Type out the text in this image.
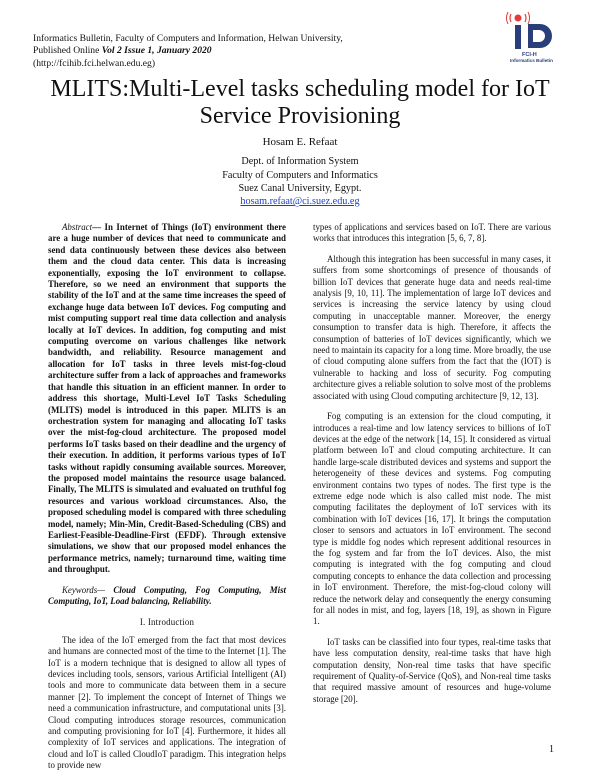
Informatics Bulletin, Faculty of Computers and Information, Helwan University,
Published Online Vol 2 Issue 1, January 2020
(http://fcihib.fci.helwan.edu.eg)
FCI-H
Informatics Bulletin
MLITS:Multi-Level tasks scheduling model for IoT Service Provisioning
Hosam E. Refaat
Dept. of Information System
Faculty of Computers and Informatics
Suez Canal University, Egypt.
hosam.refaat@ci.suez.edu.eg

Abstract— In Internet of Things (IoT) environment there are a huge number of devices that need to communicate and send data continuously between these devices also between them and the cloud data center. This data is increasing exponentially, exposing the IoT environment to collapse. Therefore, so we need an environment that supports the stability of the IoT and at the same time increases the speed of exchange huge data between IoT devices. Fog computing and mist computing support real time data collection and analysis locally at IoT devices. In addition, fog computing and mist computing overcome on various challenges like network bandwidth, and reliability. Resource management and allocation for IoT tasks in three levels mist-fog-cloud architecture suffer from a lack of approaches and frameworks that handle this situation in an efficient manner. In order to address this shortage, Multi-Level IoT Tasks Scheduling (MLITS) model is introduced in this paper. MLITS is an orchestration system for managing and allocating IoT tasks over the mist-fog-cloud architecture. The proposed model performs IoT tasks based on their deadline and the urgency of their execution. In addition, it performs various types of IoT tasks without rapidly consuming available sources. Moreover, the proposed model maintains the resource usage balanced. Finally, The MLITS is simulated and evaluated on truthful fog resources and various workload circumstances. Also, the proposed scheduling model is compared with three scheduling model, namely; Min-Min, Credit-Based-Scheduling (CBS) and Earliest-Feasible-Deadline-First (EFDF). Through extensive simulations, we show that our proposed model enhances the performance metrics, namely; turnaround time, waiting time and throughput.

Keywords— Cloud Computing, Fog Computing, Mist Computing, IoT, Load balancing, Reliability.

I. Introduction

The idea of the IoT emerged from the fact that most devices and humans are connected most of the time to the Internet [1]. The IoT is a modern technique that is designed to allow all types of devices including tools, sensors, various Artificial Intelligent (AI) tools and more to communicate data between them in a secure manner [2]. To implement the concept of Internet of Things we need a communication infrastructure, and computational units [3]. Cloud computing introduces storage resources, communication and computing provisioning for IoT [4]. Furthermore, it hides all complexity of IoT services and applications. The integration of cloud and IoT is called CloudIoT paradigm. This integration helps to provide new

types of applications and services based on IoT. There are various works that introduces this integration [5, 6, 7, 8].

Although this integration has been successful in many cases, it suffers from some shortcomings of presence of thousands of billion IoT devices that generate huge data and needs real-time analysis [9, 10, 11]. The implementation of large IoT devices and services is increasing the service latency by using cloud computing in unacceptable manner. Moreover, the energy consumption to transfer data is high. Therefore, it affects the consumption of batteries of IoT devices significantly, which we need to maintain its capacity for a long time. More broadly, the use of cloud computing alone suffers from the fact that the (IOT) is vulnerable to hacking and loss of security. Fog computing architecture gives a reliable solution to solve most of the problems associated with using Cloud computing architecture [9, 12, 13].

Fog computing is an extension for the cloud computing, it introduces a real-time and low latency services to billions of IoT devices at the edge of the network [14, 15]. It considered as virtual platform between IoT and cloud computing architecture. It can handle large-scale distributed devices and systems and support the heterogeneity of these devices and systems. Fog computing environment contains two types of nodes. The first type is the extreme edge node which is also called mist node. The mist computing facilitates the deployment of IoT services with its combination with IoT devices [16, 17]. It brings the computation closer to sensors and actuators in IoT environment. The second type is middle fog nodes which represent additional resources in the fog system and far from the IoT devices. Also, the mist computing is integrated with the fog computing and cloud computing concepts to enhance the data collection and processing in IoT environment. Therefore, the mist-fog-cloud colony will reduce the network delay and consequently the energy consuming for all nodes in mist, and fog, layers [18, 19], as shown in Figure 1.

IoT tasks can be classified into four types, real-time tasks that have less computation density, real-time tasks that have high computation density, Non-real time tasks that have specific requirement of Quality-of-Service (QoS), and Non-real time tasks that required massive amount of resources and huge-volume storage [20].

1
